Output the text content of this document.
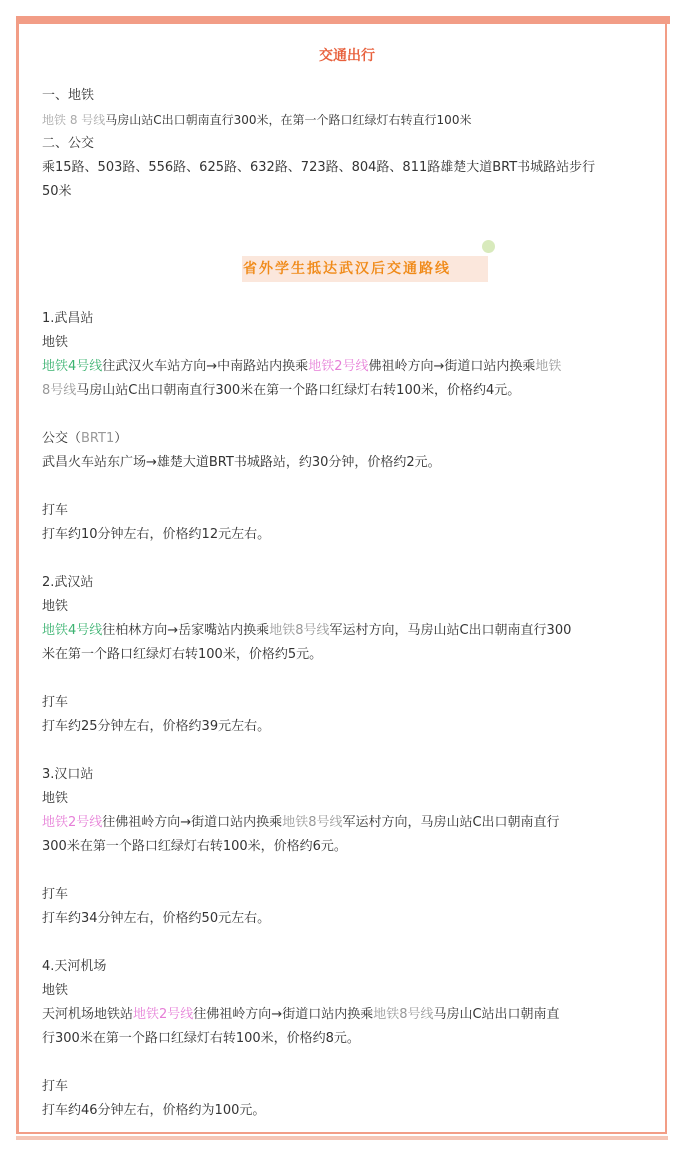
交通出行
一、地铁
地铁 8 号线马房山站C出口朝南直行300米，在第一个路口红绿灯右转直行100米
二、公交
乘15路、503路、556路、625路、632路、723路、804路、811路雄楚大道BRT书城路站步行
50米
省外学生抵达武汉后交通路线
1.武昌站
地铁
地铁4号线往武汉火车站方向→中南路站内换乘地铁2号线佛祖岭方向→街道口站内换乘地铁
8号线马房山站C出口朝南直行300米在第一个路口红绿灯右转100米，价格约4元。
公交（BRT1）
武昌火车站东广场→雄楚大道BRT书城路站，约30分钟，价格约2元。
打车
打车约10分钟左右，价格约12元左右。
2.武汉站
地铁
地铁4号线往柏林方向→岳家嘴站内换乘地铁8号线军运村方向，马房山站C出口朝南直行300
米在第一个路口红绿灯右转100米，价格约5元。
打车
打车约25分钟左右，价格约39元左右。
3.汉口站
地铁
地铁2号线往佛祖岭方向→街道口站内换乘地铁8号线军运村方向，马房山站C出口朝南直行
300米在第一个路口红绿灯右转100米，价格约6元。
打车
打车约34分钟左右，价格约50元左右。
4.天河机场
地铁
天河机场地铁站地铁2号线往佛祖岭方向→街道口站内换乘地铁8号线马房山C站出口朝南直
行300米在第一个路口红绿灯右转100米，价格约8元。
打车
打车约46分钟左右，价格约为100元。
